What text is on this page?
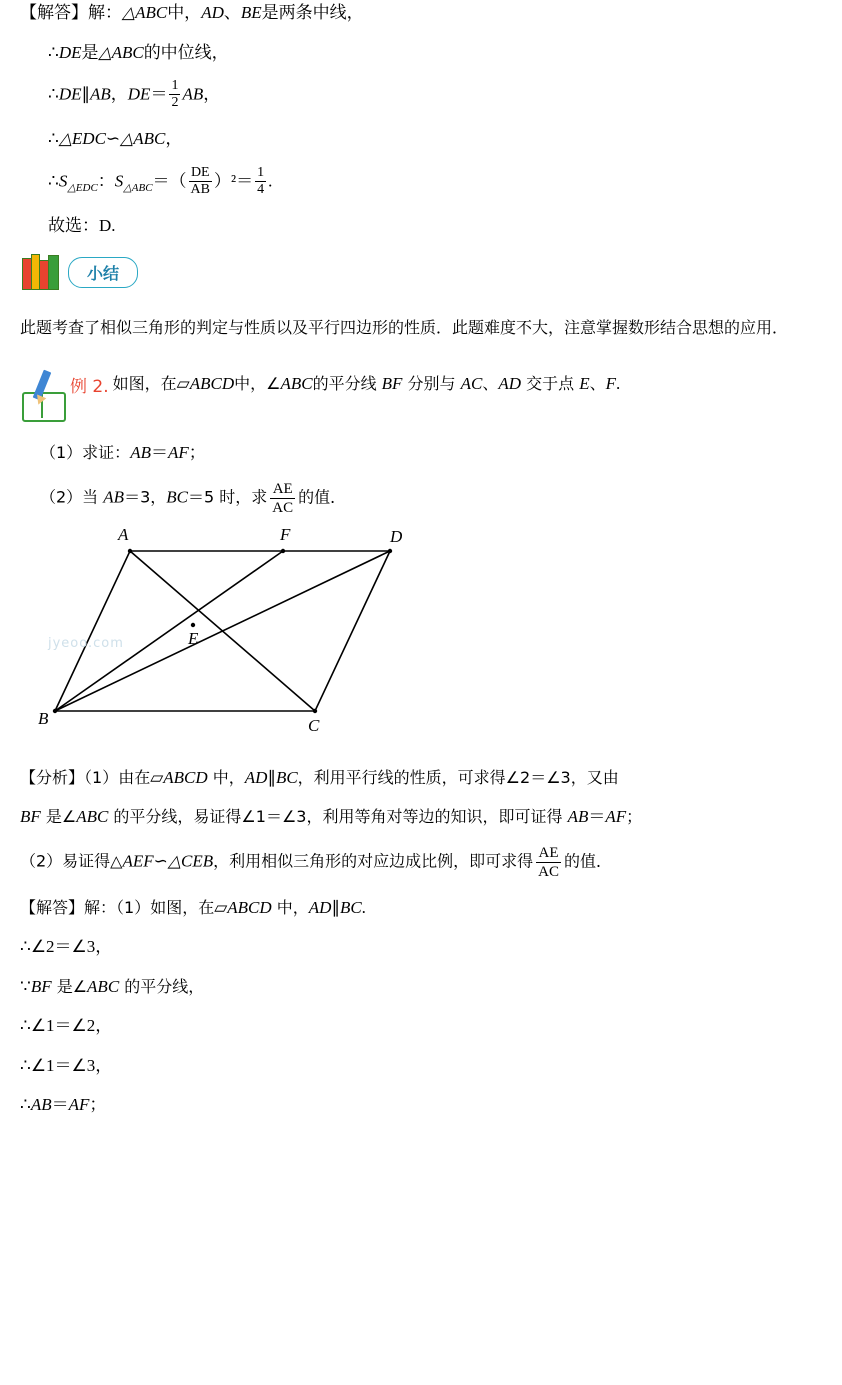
【解答】解：△ABC中，AD、BE是两条中线，
∴DE是△ABC的中位线，
∴DE∥AB，$DE= \frac{1}{2}$ AB，
∴△EDC∽△ABC，
$\therefore S_{\triangle EDC}$：$S_{\triangle ABC}=( \frac{DE}{AB} )^2= \frac{1}{4}$ .
故选：D.
小结
此题考查了相似三角形的判定与性质以及平行四边形的性质．此题难度不大，注意掌握数形结合思想的应用．
例 2. 如图，在▱ABCD中，∠ABC的平分线 BF 分别与 AC、AD 交于点 E、F.
（1）求证：AB＝AF；
（2）当 AB＝3，BC＝5 时，求 $\frac{AE}{AC}$ 的值．
A	F	D
E
B	C
jyeoo.com
【分析】（1）由在▱ABCD 中，AD∥BC，利用平行线的性质，可求得∠2＝∠3，又由
BF 是∠ABC 的平分线，易证得∠1＝∠3，利用等角对等边的知识，即可证得 AB＝AF；
（2）易证得△AEF∽△CEB，利用相似三角形的对应边成比例，即可求得 $\frac{AE}{AC}$ 的值．
【解答】解：（1）如图，在▱ABCD 中，AD∥BC.
∴∠2＝∠3，
∵BF 是∠ABC 的平分线，
∴∠1＝∠2，
∴∠1＝∠3，
∴AB＝AF；
